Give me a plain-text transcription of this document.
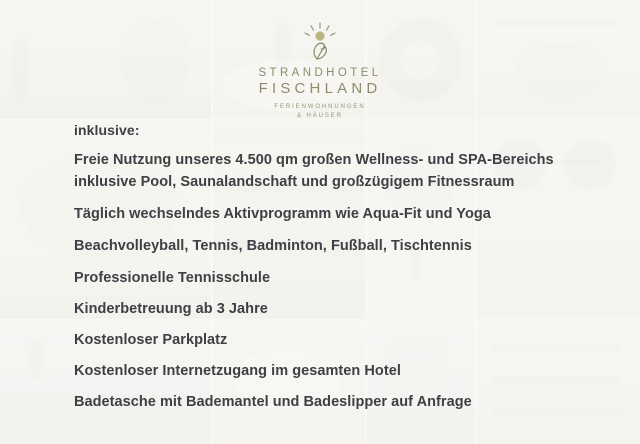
STRANDHOTEL
FISCHLAND
FERIENWOHNUNGEN
& HÄUSER
inklusive:
Freie Nutzung unseres 4.500 qm großen Wellness- und SPA-Bereichs inklusive Pool, Saunalandschaft und großzügigem Fitnessraum
Täglich wechselndes Aktivprogramm wie Aqua-Fit und Yoga
Beachvolleyball, Tennis, Badminton, Fußball, Tischtennis
Professionelle Tennisschule
Kinderbetreuung ab 3 Jahre
Kostenloser Parkplatz
Kostenloser Internetzugang im gesamten Hotel
Badetasche mit Bademantel und Badeslipper auf Anfrage
